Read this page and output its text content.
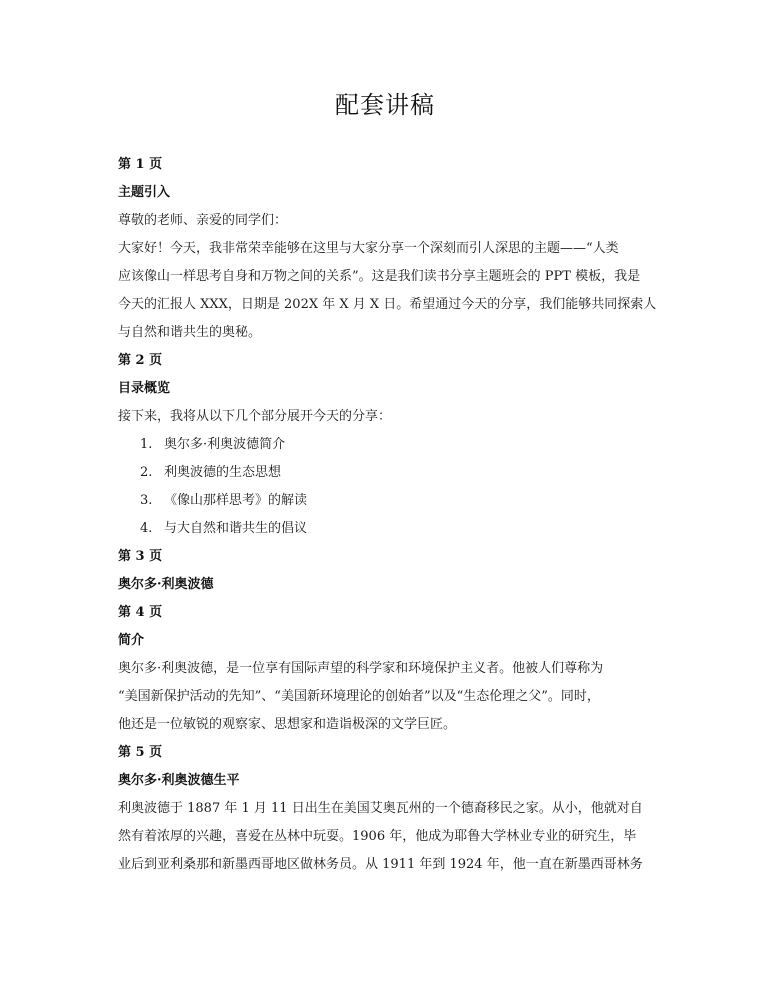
配套讲稿
第 1 页
主题引入
尊敬的老师、亲爱的同学们：
大家好！今天，我非常荣幸能够在这里与大家分享一个深刻而引人深思的主题——“人类
应该像山一样思考自身和万物之间的关系”。这是我们读书分享主题班会的 PPT 模板，我是
今天的汇报人 XXX，日期是 202X 年 X 月 X 日。希望通过今天的分享，我们能够共同探索人
与自然和谐共生的奥秘。
第 2 页
目录概览
接下来，我将从以下几个部分展开今天的分享：
1. 奥尔多·利奥波德简介
2. 利奥波德的生态思想
3. 《像山那样思考》的解读
4. 与大自然和谐共生的倡议
第 3 页
奥尔多·利奥波德
第 4 页
简介
奥尔多·利奥波德，是一位享有国际声望的科学家和环境保护主义者。他被人们尊称为
“美国新保护活动的先知”、“美国新环境理论的创始者”以及“生态伦理之父”。同时，
他还是一位敏锐的观察家、思想家和造诣极深的文学巨匠。
第 5 页
奥尔多·利奥波德生平
利奥波德于 1887 年 1 月 11 日出生在美国艾奥瓦州的一个德裔移民之家。从小，他就对自
然有着浓厚的兴趣，喜爱在丛林中玩耍。1906 年，他成为耶鲁大学林业专业的研究生，毕
业后到亚利桑那和新墨西哥地区做林务员。从 1911 年到 1924 年，他一直在新墨西哥林务
